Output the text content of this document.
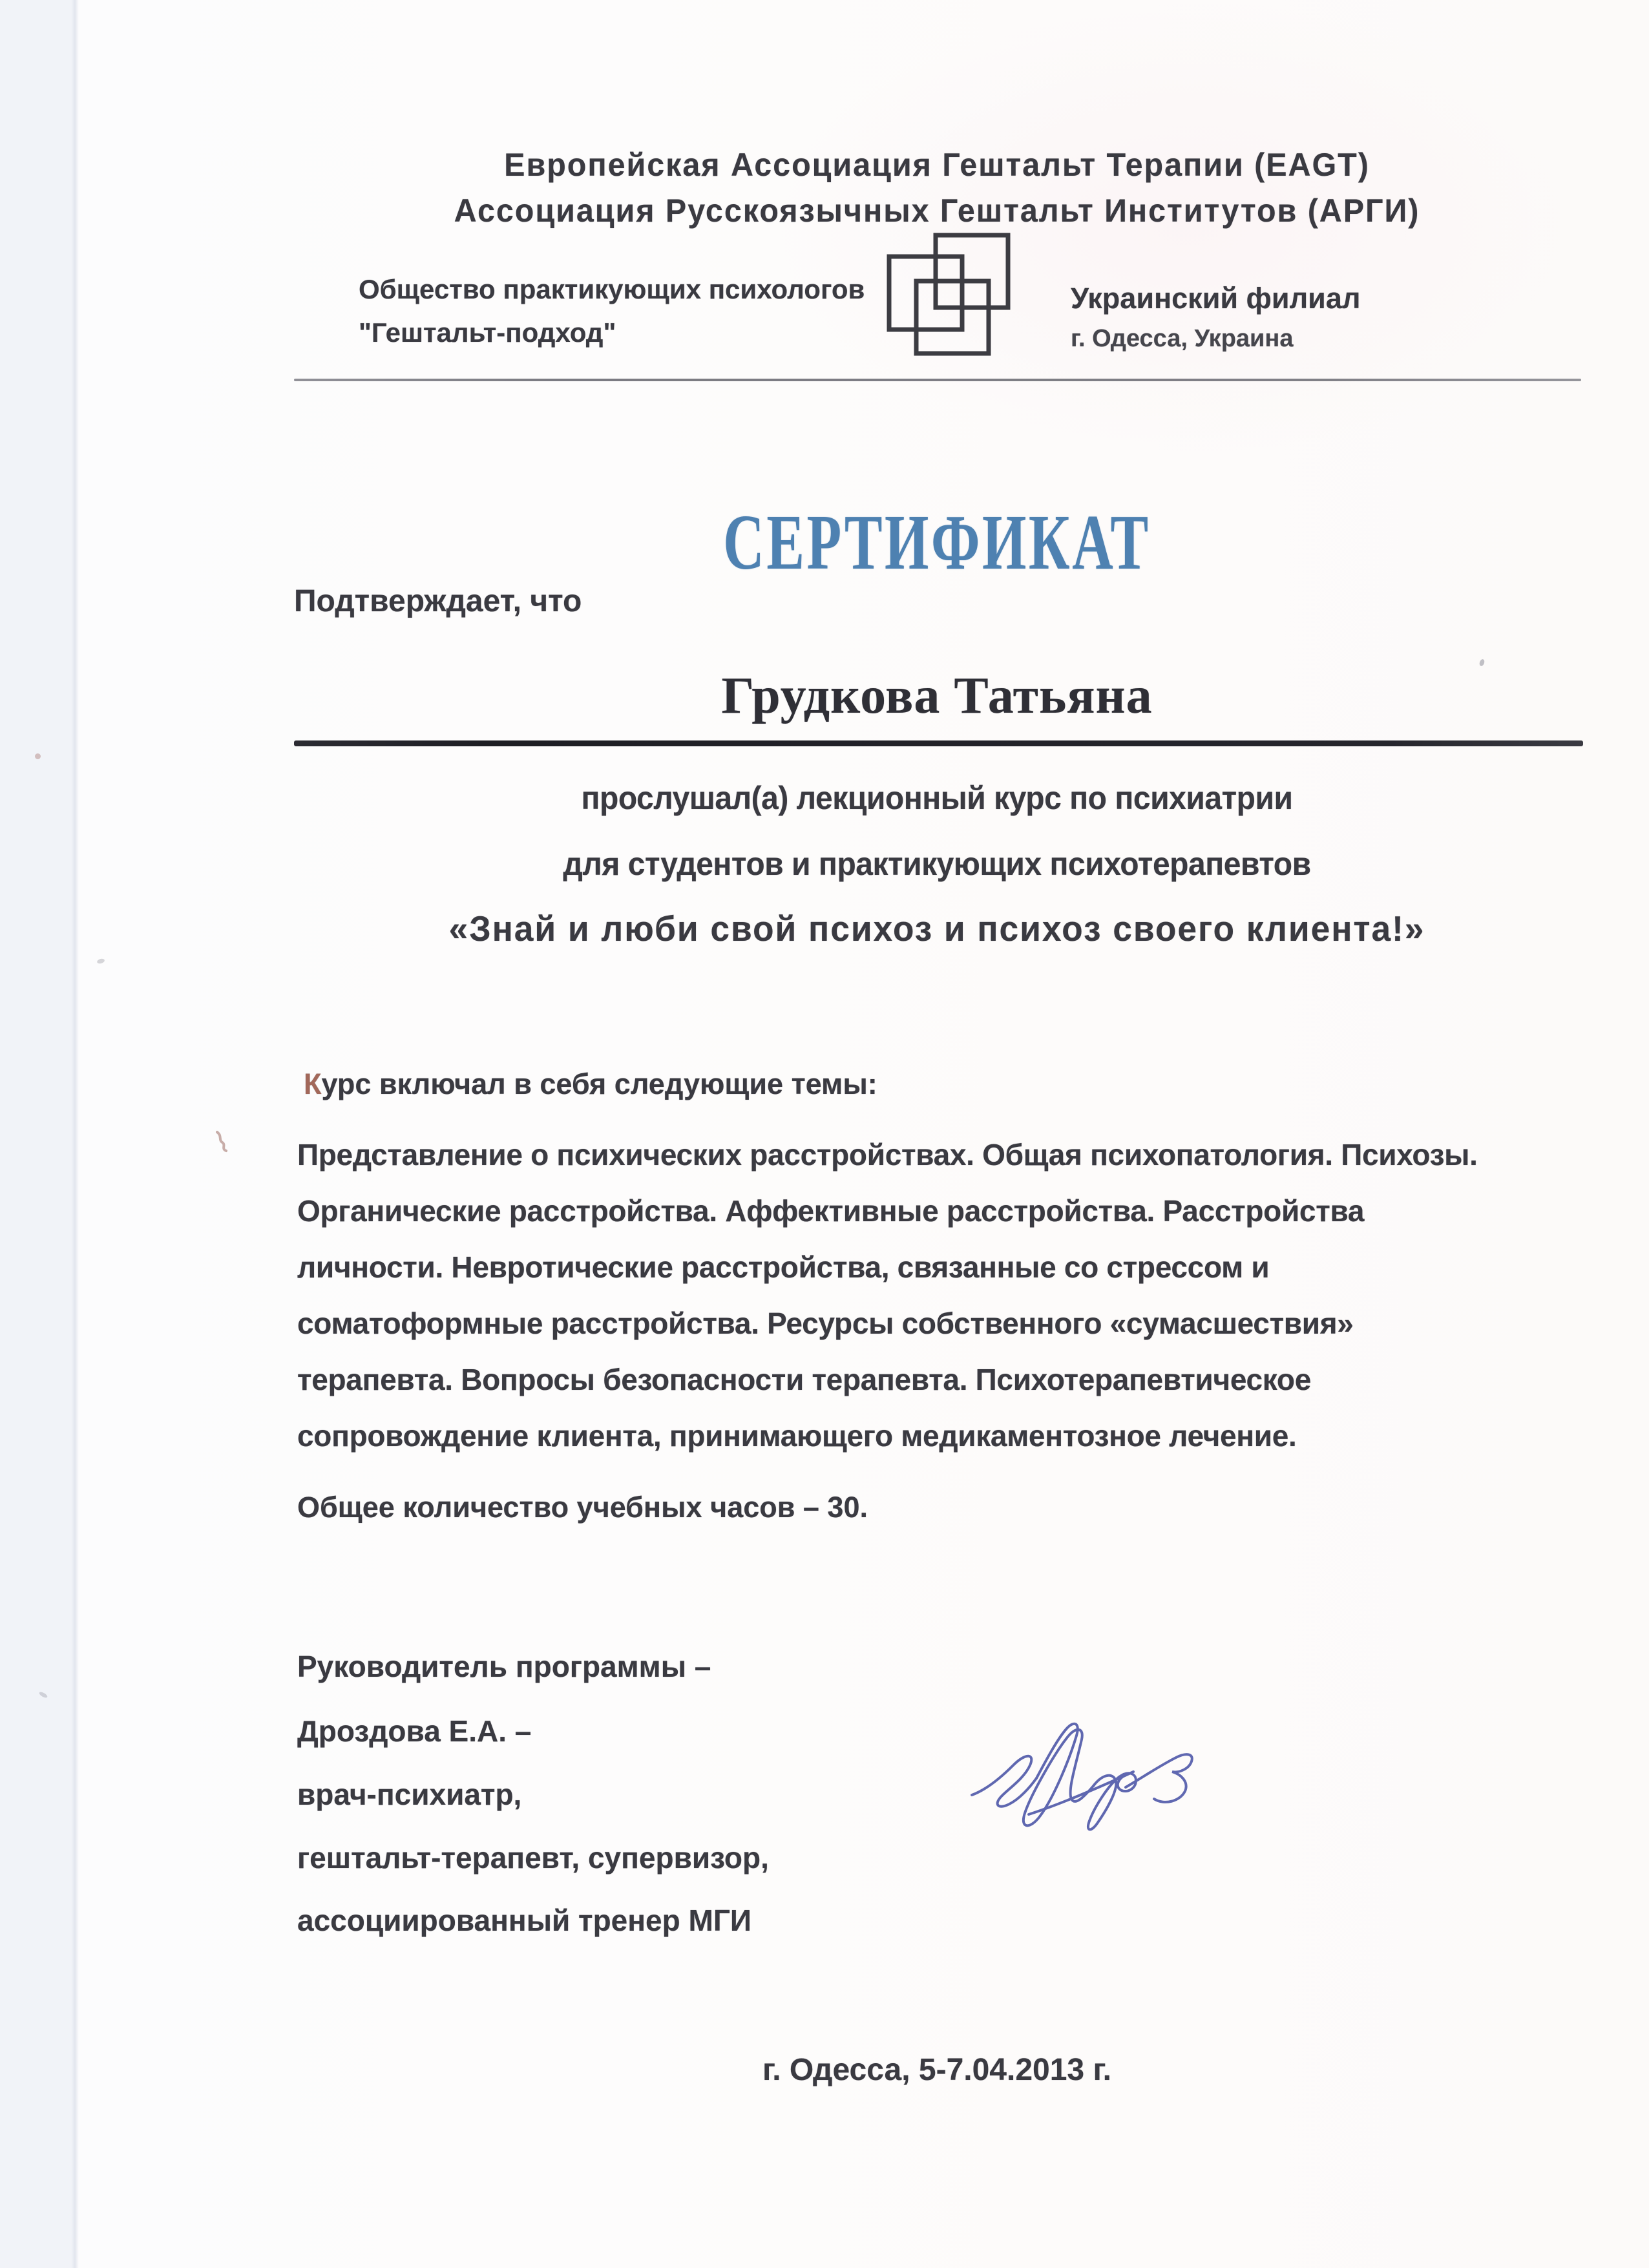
Европейская Ассоциация Гештальт Терапии (EAGT)
Ассоциация Русскоязычных Гештальт Институтов (АРГИ)
Общество практикующих психологов
"Гештальт-подход"
Украинский филиал
г. Одесса, Украина
СЕРТИФИКАТ
Подтверждает, что
Грудкова Татьяна
прослушал(а) лекционный курс по психиатрии
для студентов и практикующих психотерапевтов
«Знай и люби свой психоз и психоз своего клиента!»
Курс включал в себя следующие темы:
Представление о психических расстройствах. Общая психопатология. Психозы.
Органические расстройства. Аффективные расстройства. Расстройства
личности. Невротические расстройства, связанные со стрессом и
соматоформные расстройства. Ресурсы собственного «сумасшествия»
терапевта. Вопросы безопасности терапевта. Психотерапевтическое
сопровождение клиента, принимающего медикаментозное лечение.
Общее количество учебных часов – 30.
Руководитель программы –
Дроздова Е.А. –
врач-психиатр,
гештальт-терапевт, супервизор,
ассоциированный тренер МГИ
г. Одесса, 5-7.04.2013 г.
